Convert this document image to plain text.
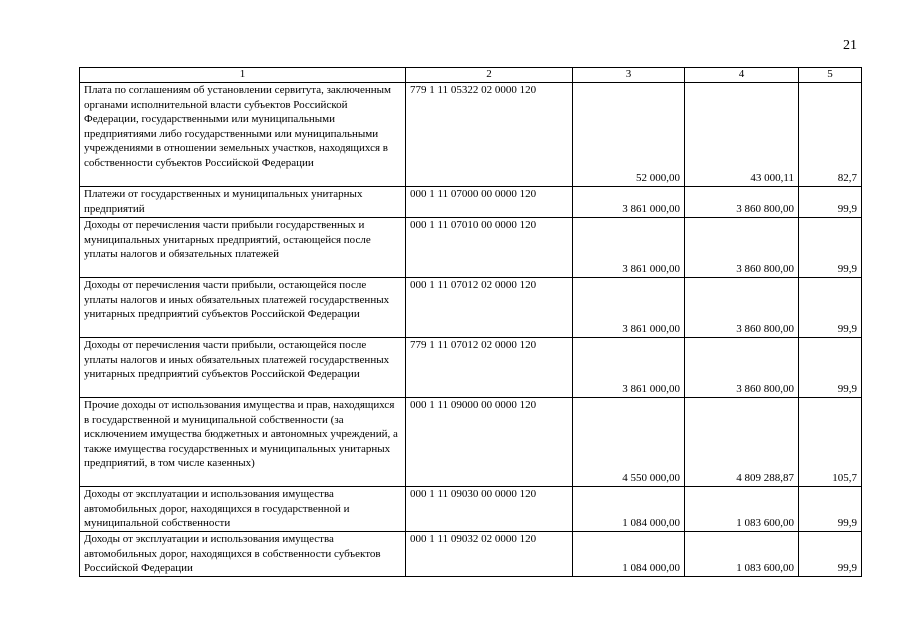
21
1	2	3	4	5
Плата по соглашениям об установлении сервитута, заключенным органами исполнительной власти субъектов Российской Федерации, государственными или муниципальными предприятиями либо государственными или муниципальными учреждениями в отношении земельных участков, находящихся в собственности субъектов Российской Федерации	779 1 11 05322 02 0000 120	52 000,00	43 000,11	82,7
Платежи от государственных и муниципальных унитарных предприятий	000 1 11 07000 00 0000 120	3 861 000,00	3 860 800,00	99,9
Доходы от перечисления части прибыли государственных и муниципальных унитарных предприятий, остающейся после уплаты налогов и обязательных платежей	000 1 11 07010 00 0000 120	3 861 000,00	3 860 800,00	99,9
Доходы от перечисления части прибыли, остающейся после уплаты налогов и иных обязательных платежей государственных унитарных предприятий субъектов Российской Федерации	000 1 11 07012 02 0000 120	3 861 000,00	3 860 800,00	99,9
Доходы от перечисления части прибыли, остающейся после уплаты налогов и иных обязательных платежей государственных унитарных предприятий субъектов Российской Федерации	779 1 11 07012 02 0000 120	3 861 000,00	3 860 800,00	99,9
Прочие доходы от использования имущества и прав, находящихся в государственной и муниципальной собственности (за исключением имущества бюджетных и автономных учреждений, а также имущества государственных и муниципальных унитарных предприятий, в том числе казенных)	000 1 11 09000 00 0000 120	4 550 000,00	4 809 288,87	105,7
Доходы от эксплуатации и использования имущества автомобильных дорог, находящихся в государственной и муниципальной собственности	000 1 11 09030 00 0000 120	1 084 000,00	1 083 600,00	99,9
Доходы от эксплуатации и использования имущества автомобильных дорог, находящихся в собственности субъектов Российской Федерации	000 1 11 09032 02 0000 120	1 084 000,00	1 083 600,00	99,9
